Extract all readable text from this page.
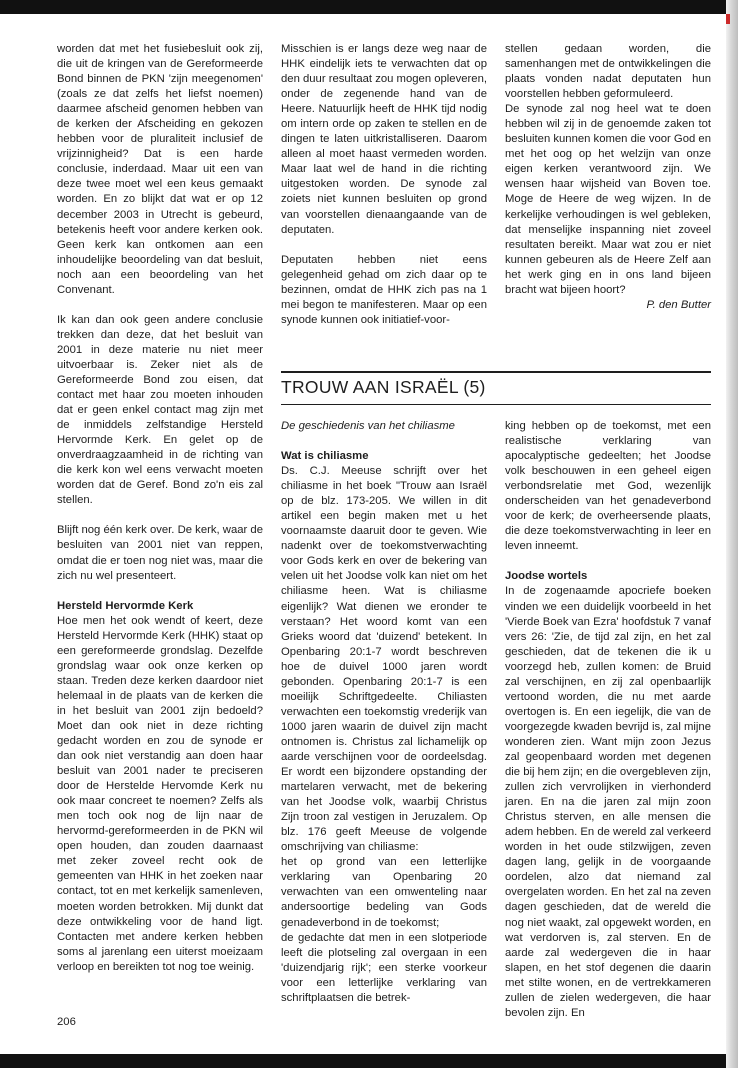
worden dat met het fusiebesluit ook zij, die uit de kringen van de Gereformeerde Bond binnen de PKN 'zijn meegenomen' (zoals ze dat zelfs het liefst noemen) daarmee afscheid genomen hebben van de kerken der Afscheiding en gekozen hebben voor de pluraliteit inclusief de vrijzinnigheid? Dat is een harde conclusie, inderdaad. Maar uit een van deze twee moet wel een keus gemaakt worden. En zo blijkt dat wat er op 12 december 2003 in Utrecht is gebeurd, betekenis heeft voor andere kerken ook. Geen kerk kan ontkomen aan een inhoudelijke beoordeling van dat besluit, noch aan een beoordeling van het Convenant.

Ik kan dan ook geen andere conclusie trekken dan deze, dat het besluit van 2001 in deze materie nu niet meer uitvoerbaar is. Zeker niet als de Gereformeerde Bond zou eisen, dat contact met haar zou moeten inhouden dat er geen enkel contact mag zijn met de inmiddels zelfstandige Hersteld Hervormde Kerk. En gelet op de onverdraagzaamheid in de richting van die kerk kon wel eens verwacht moeten worden dat de Geref. Bond zo'n eis zal stellen.

Blijft nog één kerk over. De kerk, waar de besluiten van 2001 niet van reppen, omdat die er toen nog niet was, maar die zich nu wel presenteert.

Hersteld Hervormde Kerk

Hoe men het ook wendt of keert, deze Hersteld Hervormde Kerk (HHK) staat op een gereformeerde grondslag. Dezelfde grondslag waar ook onze kerken op staan. Treden deze kerken daardoor niet helemaal in de plaats van de kerken die in het besluit van 2001 zijn bedoeld? Moet dan ook niet in deze richting gedacht worden en zou de synode er dan ook niet verstandig aan doen haar besluit van 2001 nader te preciseren door de Herstelde Hervomde Kerk nu ook maar concreet te noemen? Zelfs als men toch ook nog de lijn naar de hervormd-gereformeerden in de PKN wil open houden, dan zouden daarnaast met zeker zoveel recht ook de gemeenten van HHK in het zoeken naar contact, tot en met kerkelijk samenleven, moeten worden betrokken. Mij dunkt dat deze ontwikkeling voor de hand ligt. Contacten met andere kerken hebben soms al jarenlang een uiterst moeizaam verloop en bereikten tot nog toe weinig.

Misschien is er langs deze weg naar de HHK eindelijk iets te verwachten dat op den duur resultaat zou mogen opleveren, onder de zegenende hand van de Heere. Natuurlijk heeft de HHK tijd nodig om intern orde op zaken te stellen en de dingen te laten uitkristalliseren. Daarom alleen al moet haast vermeden worden. Maar laat wel de hand in die richting uitgestoken worden. De synode zal zoiets niet kunnen besluiten op grond van voorstellen dienaangaande van de deputaten.

Deputaten hebben niet eens gelegenheid gehad om zich daar op te bezinnen, omdat de HHK zich pas na 1 mei begon te manifesteren. Maar op een synode kunnen ook initiatief-voor-

stellen gedaan worden, die samenhangen met de ontwikkelingen die plaats vonden nadat deputaten hun voorstellen hebben geformuleerd.

De synode zal nog heel wat te doen hebben wil zij in de genoemde zaken tot besluiten kunnen komen die voor God en met het oog op het welzijn van onze eigen kerken verantwoord zijn. We wensen haar wijsheid van Boven toe. Moge de Heere de weg wijzen. In de kerkelijke verhoudingen is wel gebleken, dat menselijke inspanning niet zoveel resultaten bereikt. Maar wat zou er niet kunnen gebeuren als de Heere Zelf aan het werk ging en in ons land bijeen bracht wat bijeen hoort?

P. den Butter

TROUW AAN ISRAËL (5)

De geschiedenis van het chiliasme

Wat is chiliasme

Ds. C.J. Meeuse schrijft over het chiliasme in het boek "Trouw aan Israël op de blz. 173-205. We willen in dit artikel een begin maken met u het voornaamste daaruit door te geven. Wie nadenkt over de toekomstverwachting voor Gods kerk en over de bekering van velen uit het Joodse volk kan niet om het chiliasme heen. Wat is chiliasme eigenlijk? Wat dienen we eronder te verstaan? Het woord komt van een Grieks woord dat 'duizend' betekent. In Openbaring 20:1-7 wordt beschreven hoe de duivel 1000 jaren wordt gebonden. Openbaring 20:1-7 is een moeilijk Schriftgedeelte. Chiliasten verwachten een toekomstig vrederijk van 1000 jaren waarin de duivel zijn macht ontnomen is. Christus zal lichamelijk op aarde verschijnen voor de oordeelsdag. Er wordt een bijzondere opstanding der martelaren verwacht, met de bekering van het Joodse volk, waarbij Christus Zijn troon zal vestigen in Jeruzalem. Op blz. 176 geeft Meeuse de volgende omschrijving van chiliasme:

het op grond van een letterlijke verklaring van Openbaring 20 verwachten van een omwenteling naar andersoortige bedeling van Gods genadeverbond in de toekomst;

de gedachte dat men in een slotperiode leeft die plotseling zal overgaan in een 'duizendjarig rijk'; een sterke voorkeur voor een letterlijke verklaring van schriftplaatsen die betrek-

king hebben op de toekomst, met een realistische verklaring van apocalyptische gedeelten; het Joodse volk beschouwen in een geheel eigen verbondsrelatie met God, wezenlijk onderscheiden van het genadeverbond voor de kerk; de overheersende plaats, die deze toekomstverwachting in leer en leven inneemt.

Joodse wortels

In de zogenaamde apocriefe boeken vinden we een duidelijk voorbeeld in het 'Vierde Boek van Ezra' hoofdstuk 7 vanaf vers 26: 'Zie, de tijd zal zijn, en het zal geschieden, dat de tekenen die ik u voorzegd heb, zullen komen: de Bruid zal verschijnen, en zij zal openbaarlijk vertoond worden, die nu met aarde overtogen is. En een iegelijk, die van de voorgezegde kwaden bevrijd is, zal mijne wonderen zien. Want mijn zoon Jezus zal geopenbaard worden met degenen die bij hem zijn; en die overgebleven zijn, zullen zich vervrolijken in vierhonderd jaren. En na die jaren zal mijn zoon Christus sterven, en alle mensen die adem hebben. En de wereld zal verkeerd worden in het oude stilzwijgen, zeven dagen lang, gelijk in de voorgaande oordelen, alzo dat niemand zal overgelaten worden. En het zal na zeven dagen geschieden, dat de wereld die nog niet waakt, zal opgewekt worden, en wat verdorven is, zal sterven. En de aarde zal wedergeven die in haar slapen, en het stof degenen die daarin met stilte wonen, en de vertrekkameren zullen de zielen wedergeven, die haar bevolen zijn. En

206
